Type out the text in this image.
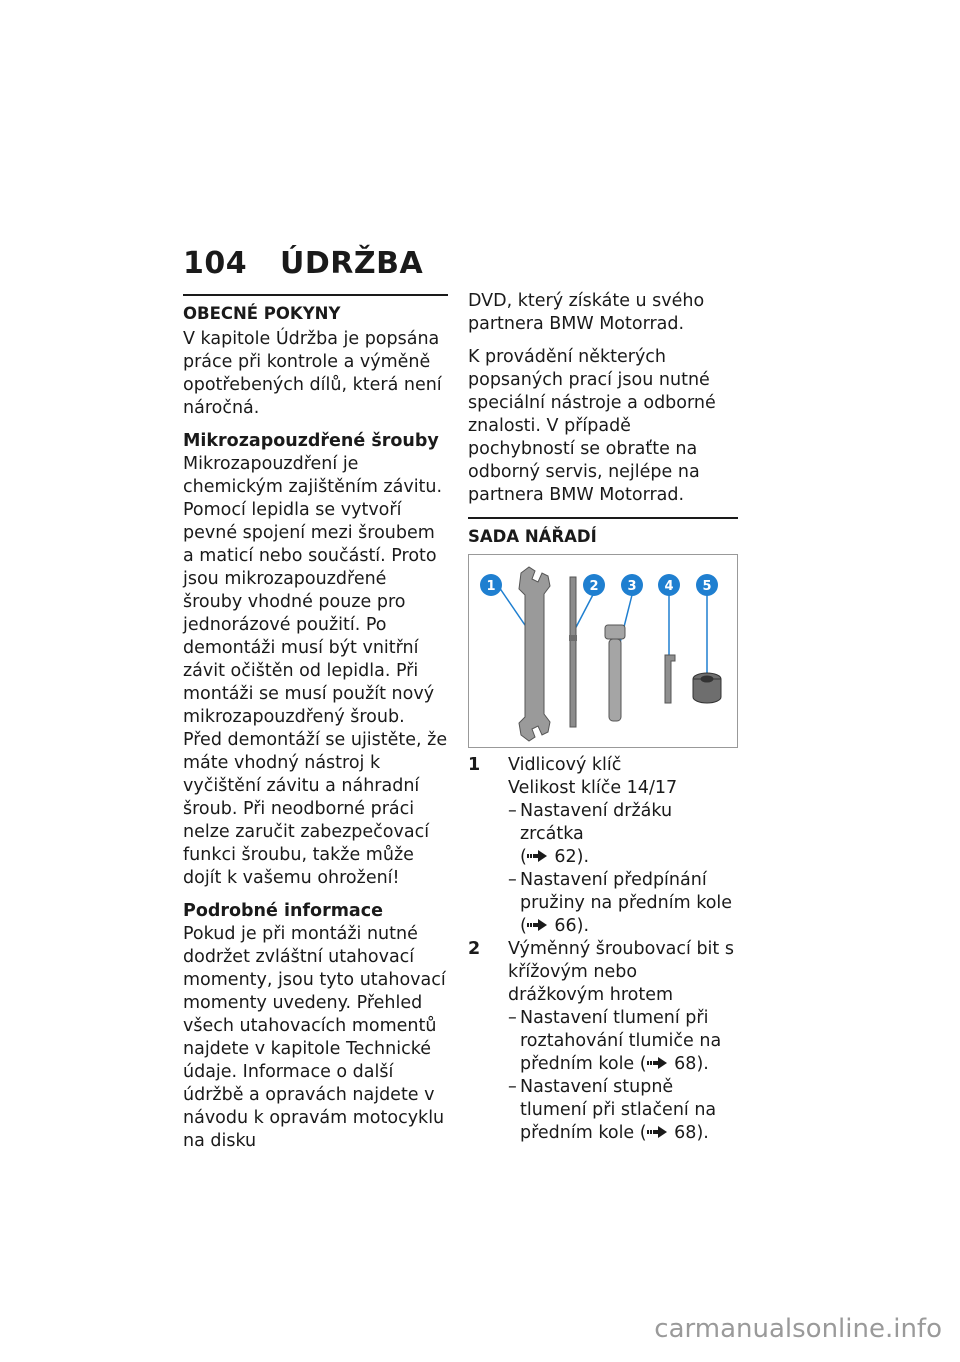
104 ÚDRŽBA
OBECNÉ POKYNY

V kapitole Údržba je popsána práce při kontrole a výměně opotřebených dílů, která není náročná.

Mikrozapouzdřené šrouby

Mikrozapouzdření je chemickým zajištěním závitu. Pomocí lepidla se vytvoří pevné spojení mezi šroubem a maticí nebo součástí. Proto jsou mikrozapouzdřené šrouby vhodné pouze pro jednorázové použití. Po demontáži musí být vnitřní závit očištěn od lepidla. Při montáži se musí použít nový mikrozapouzdřený šroub. Před demontáží se ujistěte, že máte vhodný nástroj k vyčištění závitu a náhradní šroub. Při neodborné práci nelze zaručit zabezpečovací funkci šroubu, takže může dojít k vašemu ohrožení!

Podrobné informace

Pokud je při montáži nutné dodržet zvláštní utahovací momenty, jsou tyto utahovací momenty uvedeny. Přehled všech utahovacích momentů najdete v kapitole Technické údaje. Informace o další údržbě a opravách najdete v návodu k opravám motocyklu na disku

DVD, který získáte u svého partnera BMW Motorrad.

K provádění některých popsaných prací jsou nutné speciální nástroje a odborné znalosti. V případě pochybností se obraťte na odborný servis, nejlépe na partnera BMW Motorrad.

SADA NÁŘADÍ
1	2 3 4 5
1	Vidlicový klíč
Velikost klíče 14/17
– Nastavení držáku zrcátka
( 62).
– Nastavení předpínání pružiny na předním kole
( 66).
2	Výměnný šroubovací bit s křížovým nebo drážkovým hrotem
– Nastavení tlumení při roztahování tlumiče na předním kole ( 68).
– Nastavení stupně tlumení při stlačení na předním kole ( 68).
carmanualsonline.info
